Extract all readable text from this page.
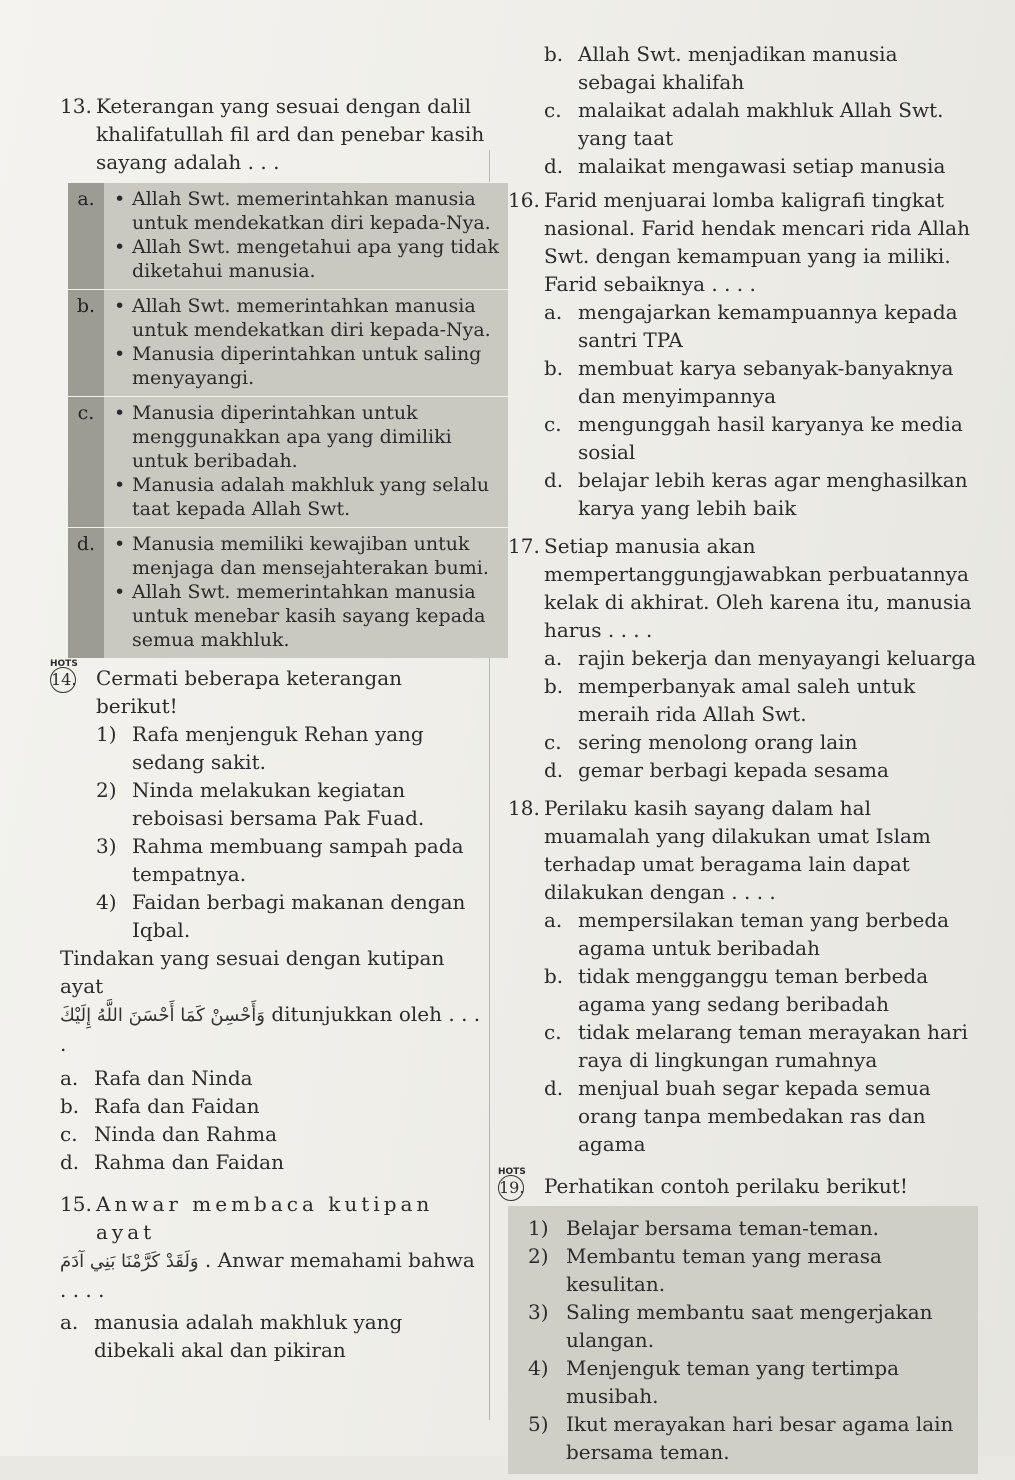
13. Keterangan yang sesuai dengan dalil khalifatullah fil ard dan penebar kasih sayang adalah . . .
a.	• Allah Swt. memerintahkan manusia untuk mendekatkan diri kepada-Nya.
• Allah Swt. mengetahui apa yang tidak diketahui manusia.

b.	• Allah Swt. memerintahkan manusia untuk mendekatkan diri kepada-Nya.
• Manusia diperintahkan untuk saling menyayangi.

c.	• Manusia diperintahkan untuk menggunakkan apa yang dimiliki untuk beribadah.
• Manusia adalah makhluk yang selalu taat kepada Allah Swt.

d.	• Manusia memiliki kewajiban untuk menjaga dan mensejahterakan bumi.
• Allah Swt. memerintahkan manusia untuk menebar kasih sayang kepada semua makhluk.
HOTS
14. Cermati beberapa keterangan berikut!
1) Rafa menjenguk Rehan yang sedang sakit.
2) Ninda melakukan kegiatan reboisasi bersama Pak Fuad.
3) Rahma membuang sampah pada tempatnya.
4) Faidan berbagi makanan dengan Iqbal.
Tindakan yang sesuai dengan kutipan ayat
وَأَحْسِنْ كَمَا أَحْسَنَ اللَّهُ إِلَيْكَ ditunjukkan oleh . . . .
a. Rafa dan Ninda
b. Rafa dan Faidan
c. Ninda dan Rahma
d. Rahma dan Faidan
15. Anwar membaca kutipan ayat
وَلَقَدْ كَرَّمْنَا بَنِي آدَمَ . Anwar memahami bahwa . . . .
a. manusia adalah makhluk yang dibekali akal dan pikiran
b. Allah Swt. menjadikan manusia sebagai khalifah
c. malaikat adalah makhluk Allah Swt. yang taat
d. malaikat mengawasi setiap manusia
16. Farid menjuarai lomba kaligrafi tingkat nasional. Farid hendak mencari rida Allah Swt. dengan kemampuan yang ia miliki. Farid sebaiknya . . . .
a. mengajarkan kemampuannya kepada santri TPA
b. membuat karya sebanyak-banyaknya dan menyimpannya
c. mengunggah hasil karyanya ke media sosial
d. belajar lebih keras agar menghasilkan karya yang lebih baik
17. Setiap manusia akan mempertanggungjawabkan perbuatannya kelak di akhirat. Oleh karena itu, manusia harus . . . .
a. rajin bekerja dan menyayangi keluarga
b. memperbanyak amal saleh untuk meraih rida Allah Swt.
c. sering menolong orang lain
d. gemar berbagi kepada sesama
18. Perilaku kasih sayang dalam hal muamalah yang dilakukan umat Islam terhadap umat beragama lain dapat dilakukan dengan . . . .
a. mempersilakan teman yang berbeda agama untuk beribadah
b. tidak mengganggu teman berbeda agama yang sedang beribadah
c. tidak melarang teman merayakan hari raya di lingkungan rumahnya
d. menjual buah segar kepada semua orang tanpa membedakan ras dan agama
HOTS
19. Perhatikan contoh perilaku berikut!
1) Belajar bersama teman-teman.
2) Membantu teman yang merasa kesulitan.
3) Saling membantu saat mengerjakan ulangan.
4) Menjenguk teman yang tertimpa musibah.
5) Ikut merayakan hari besar agama lain bersama teman.
